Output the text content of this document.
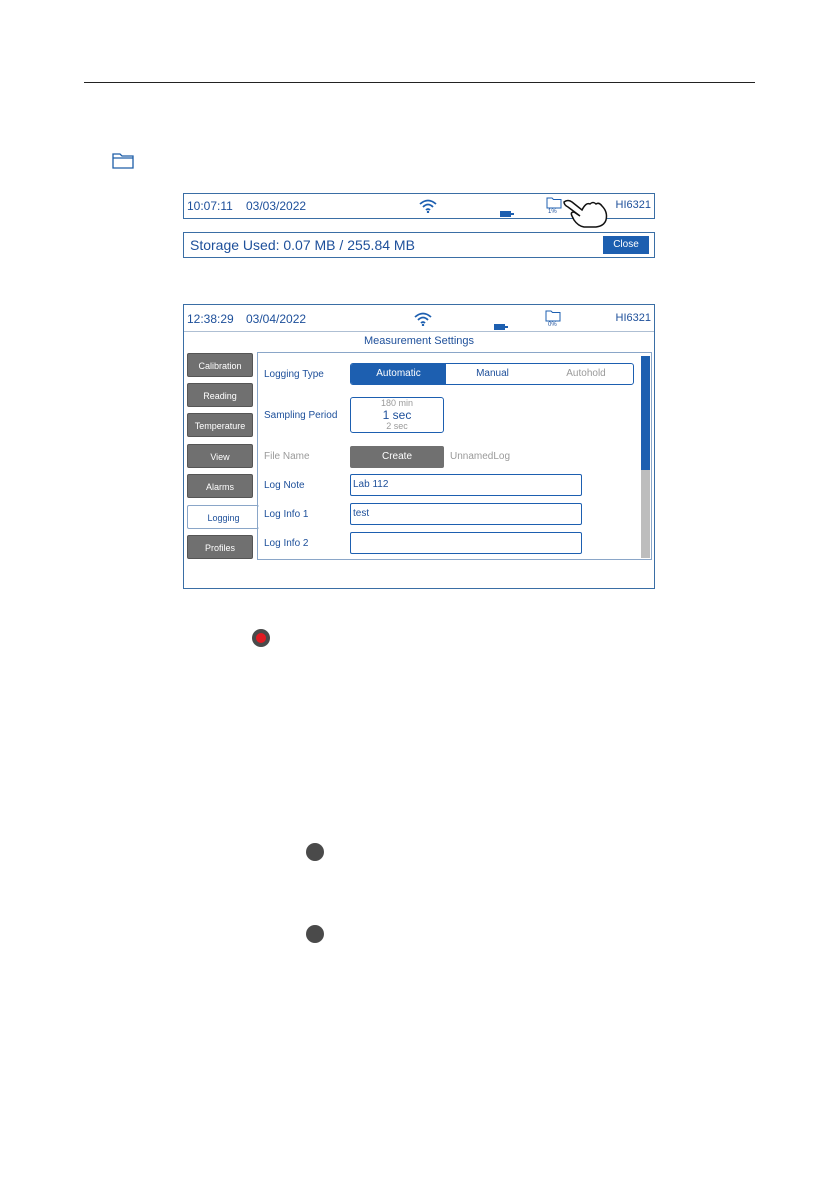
10:07:11 03/03/2022	1%
HI6321
Storage Used: 0.07 MB / 255.84 MB	Close
12:38:29 03/04/2022	0%
HI6321
Measurement Settings
Calibration
Reading
Temperature
View
Alarms
Logging
Profiles
Logging Type	Automatic	Manual	Autohold
Sampling Period
180 min
1 sec
2 sec
File Name	Create	UnnamedLog
Log Note	Lab 112
Log Info 1	test
Log Info 2
